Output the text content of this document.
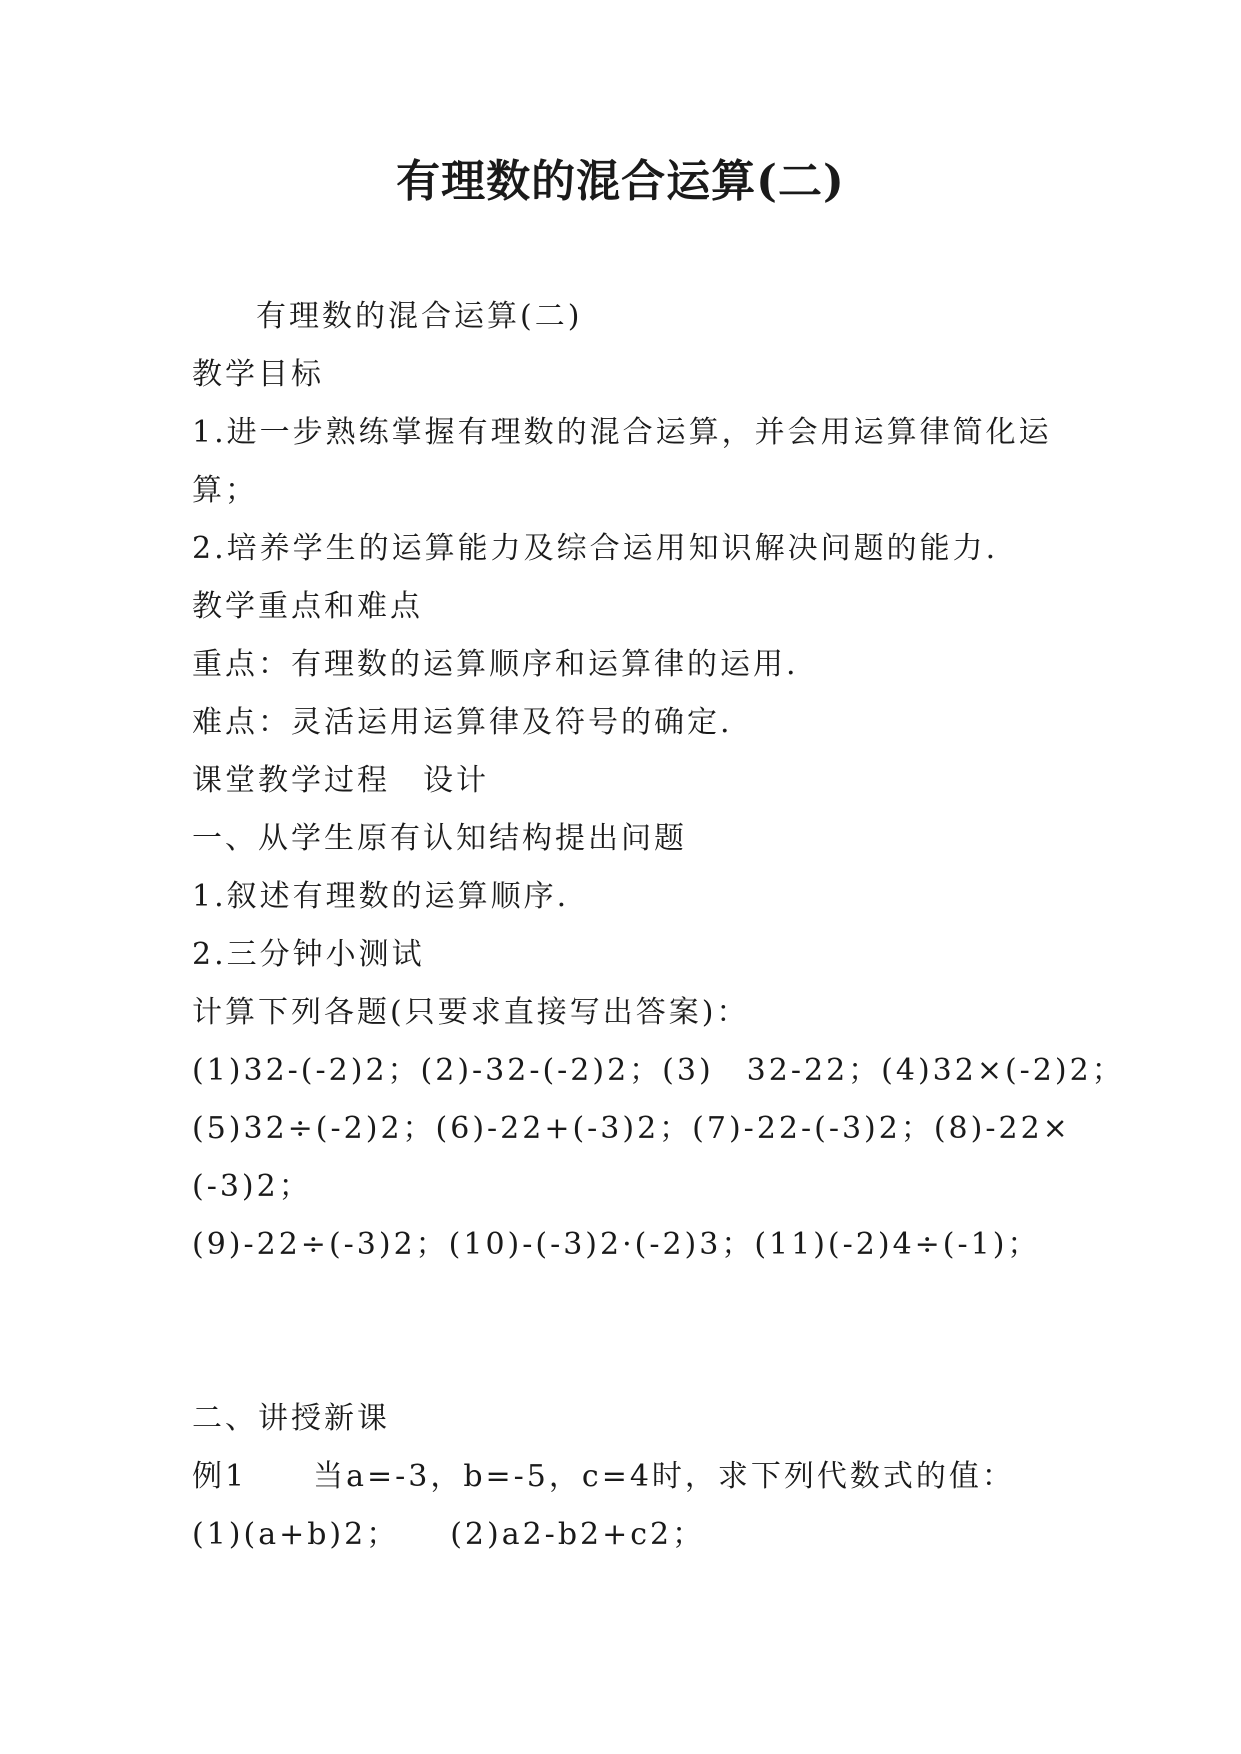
有理数的混合运算(二)

有理数的混合运算(二)

教学目标

1.进一步熟练掌握有理数的混合运算，并会用运算律简化运

算；

2.培养学生的运算能力及综合运用知识解决问题的能力.

教学重点和难点

重点：有理数的运算顺序和运算律的运用.

难点：灵活运用运算律及符号的确定.

课堂教学过程　设计

一、从学生原有认知结构提出问题

1.叙述有理数的运算顺序.

2.三分钟小测试

计算下列各题(只要求直接写出答案)：

(1)32-(-2)2；(2)-32-(-2)2；(3)　32-22；(4)32×(-2)2；

(5)32÷(-2)2；(6)-22+(-3)2；(7)-22-(-3)2；(8)-22×

(-3)2；

(9)-22÷(-3)2；(10)-(-3)2·(-2)3；(11)(-2)4÷(-1)；

二、讲授新课

例1　　当a=-3，b=-5，c=4时，求下列代数式的值：

(1)(a+b)2；　　(2)a2-b2+c2；
